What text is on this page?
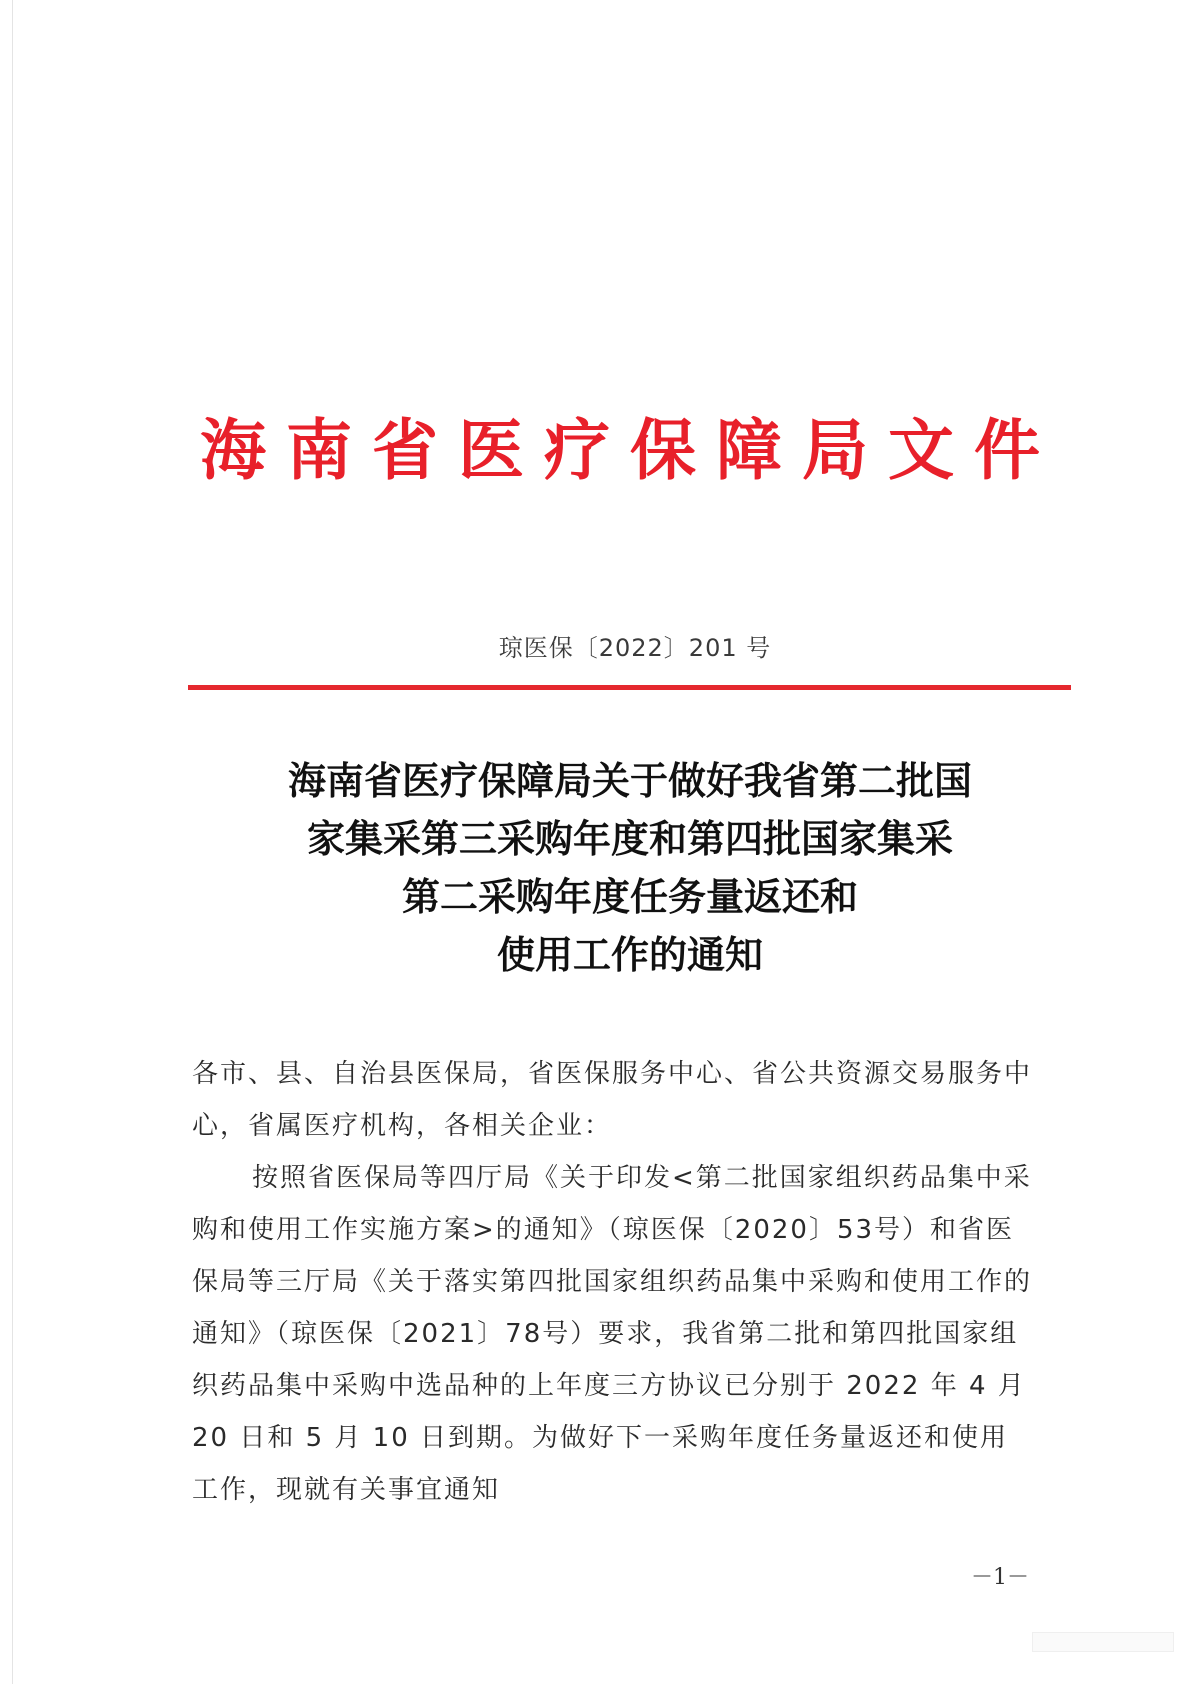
海南省医疗保障局文件
琼医保〔2022〕201 号
海南省医疗保障局关于做好我省第二批国
家集采第三采购年度和第四批国家集采
第二采购年度任务量返还和
使用工作的通知

各市、县、自治县医保局，省医保服务中心、省公共资源交易服务中心，省属医疗机构，各相关企业：

按照省医保局等四厅局《关于印发<第二批国家组织药品集中采购和使用工作实施方案>的通知》（琼医保〔2020〕53号）和省医保局等三厅局《关于落实第四批国家组织药品集中采购和使用工作的通知》（琼医保〔2021〕78号）要求，我省第二批和第四批国家组织药品集中采购中选品种的上年度三方协议已分别于 2022 年 4 月 20 日和 5 月 10 日到期。为做好下一采购年度任务量返还和使用工作，现就有关事宜通知

－1－
